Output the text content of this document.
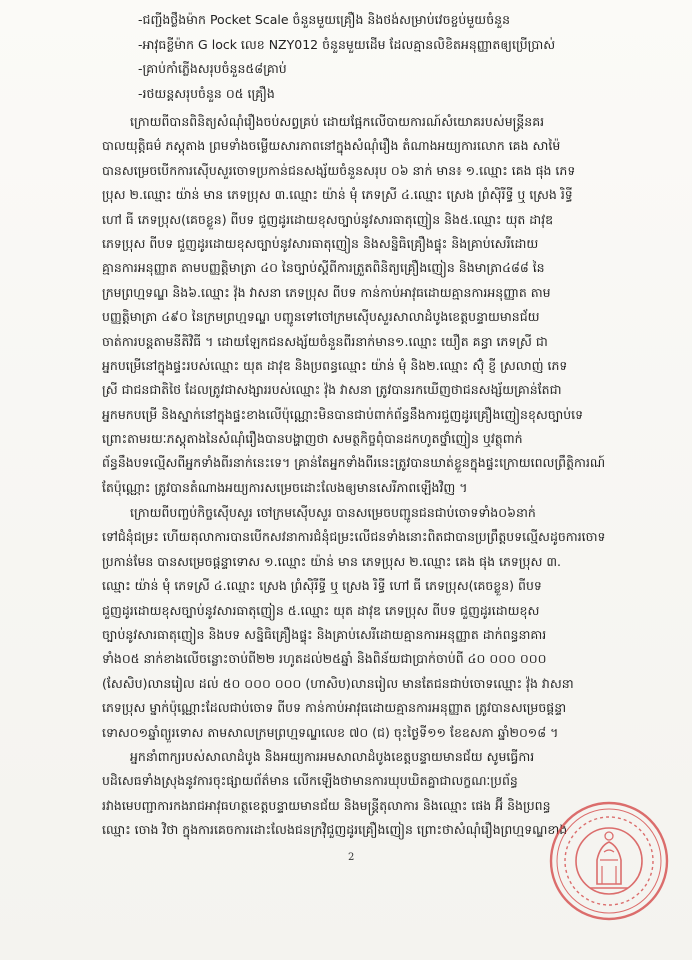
-ជញ្ជីងថ្លឹងម៉ាក Pocket Scale ចំនួនមួយគ្រឿង និងថង់សម្រាប់វេចខ្ចប់មួយចំនួន
-អាវុធខ្លីម៉ាក G lock លេខ NZY012 ចំនួនមួយដើម ដែលគ្មានលិខិតអនុញ្ញាតឲ្យប្រើប្រាស់
-គ្រាប់កាំភ្លើងសរុបចំនួន៥៨គ្រាប់
-រថយន្តសរុបចំនួន ០៥ គ្រឿង
ក្រោយពីបានពិនិត្យសំណុំរឿងចប់សព្វគ្រប់ ដោយផ្អែកលើបាយការណ៍សំយោគរបស់មន្ត្រីនគរ
បាលយុត្តិធម៌ ភស្តុតាង ព្រមទាំងចម្លើយសារភាពនៅក្នុងសំណុំរឿង តំណាងអយ្យការលោក គេង សាម៉ៃ
បានសម្រេចបើកការស៊ើបសួរចោទប្រកាន់ជនសង្ស័យចំនួនសរុប ០៦ នាក់ មាន៖ ១.ឈ្មោះ គេង ផុង ភេទ
ប្រុស ២.ឈ្មោះ យ៉ាន់ មាន ភេទប្រុស ៣.ឈ្មោះ យ៉ាន់ មុំ ភេទស្រី ៤.ឈ្មោះ ស្រេង ព្រំស៊ិរីទ្ធី ឬ ស្រេង រិទ្ធី
ហៅ ធី ភេទប្រុស(គេចខ្លួន) ពីបទ ជួញដូរដោយខុសច្បាប់នូវសារធាតុញៀន និង៥.ឈ្មោះ យុត ដាវុឌ
ភេទប្រុស ពីបទ ជួញដូរដោយខុសច្បាប់នូវសារធាតុញៀន និងសន្និធិគ្រឿងផ្ទុះ និងគ្រាប់សេរីដោយ
គ្មានការអនុញ្ញាត តាមបញ្ញត្តិមាត្រា ៤០ នៃច្បាប់ស្តីពីការត្រួតពិនិត្យគ្រឿងញៀន និងមាត្រា៤៨៨ នៃ
ក្រមព្រហ្មទណ្ឌ និង៦.ឈ្មោះ វ៉ុង វាសនា ភេទប្រុស ពីបទ កាន់កាប់អាវុធដោយគ្មានការអនុញ្ញាត តាម
បញ្ញត្តិមាត្រា ៤៩០ នៃក្រមព្រហ្មទណ្ឌ បញ្ជូនទៅចៅក្រមស៊ើបសួរសាលាដំបូងខេត្តបន្ទាយមានជ័យ
ចាត់ការបន្តតាមនីតិវិធី ។ ដោយឡែកជនសង្ស័យចំនួនពីរនាក់មាន១.ឈ្មោះ យឿត គន្ធា ភេទស្រី ជា
អ្នកបម្រើនៅក្នុងផ្ទះរបស់ឈ្មោះ យុត ដាវុឌ និងប្រពន្ធឈ្មោះ យ៉ាន់ មុំ និង២.ឈ្មោះ ស៊ុំ ខ្ញី ស្រលាញ់ ភេទ
ស្រី ជាជនជាតិថៃ ដែលត្រូវជាសង្សាររបស់ឈ្មោះ វ៉ុង វាសនា ត្រូវបានរកឃើញថាជនសង្ស័យគ្រាន់តែជា
អ្នកមកបម្រើ និងស្នាក់នៅក្នុងផ្ទះខាងលើប៉ុណ្ណោះមិនបានជាប់ពាក់ព័ន្ធនឹងការជួញដូរគ្រឿងញៀនខុសច្បាប់ទេ
ព្រោះតាមរយៈភស្តុតាងនៃសំណុំរឿងបានបង្ហាញថា សមត្ថកិច្ចពុំបានដកហូតថ្នាំញៀន ឬវត្ថុពាក់
ព័ន្ធនឹងបទល្មើសពីអ្នកទាំងពីរនាក់នេះទេ។ គ្រាន់តែអ្នកទាំងពីរនេះត្រូវបានឃាត់ខ្លួនក្នុងផ្ទះក្រោយពេលព្រឹត្តិការណ៍
តែប៉ុណ្ណោះ ត្រូវបានតំណាងអយ្យការសម្រេចដោះលែងឲ្យមានសេរីភាពឡើងវិញ ។
ក្រោយពីបញ្ចប់កិច្ចស៊ើបសួរ ចៅក្រមស៊ើបសួរ បានសម្រេចបញ្ជូនជនជាប់ចោទទាំង០៦នាក់
ទៅជំនុំជម្រះ ហើយតុលាការបានបើកសវនាការជំនុំជម្រះលើជនទាំងនោះពិតជាបានប្រព្រឹត្តបទល្មើសដូចការចោទ
ប្រកាន់មែន បានសម្រេចផ្តន្ទាទោស ១.ឈ្មោះ យ៉ាន់ មាន ភេទប្រុស ២.ឈ្មោះ គេង ផុង ភេទប្រុស ៣.
ឈ្មោះ យ៉ាន់ មុំ ភេទស្រី ៤.ឈ្មោះ ស្រេង ព្រំស៊ិរីទ្ធី ឬ ស្រេង រិទ្ធី ហៅ ធី ភេទប្រុស(គេចខ្លួន) ពីបទ
ជួញដូរដោយខុសច្បាប់នូវសារធាតុញៀន ៥.ឈ្មោះ យុត ដាវុឌ ភេទប្រុស ពីបទ ជួញដូរដោយខុស
ច្បាប់នូវសារធាតុញៀន និងបទ សន្និធិគ្រឿងផ្ទុះ និងគ្រាប់សេរីដោយគ្មានការអនុញ្ញាត ដាក់ពន្ធនាគារ
ទាំង០៥ នាក់ខាងលើចន្លោះចាប់ពី២២ រហូតដល់២៥ឆ្នាំ និងពិន័យជាប្រាក់ចាប់ពី ៤០ ០០០ ០០០
(សែសិប)លានរៀល ដល់ ៥០ ០០០ ០០០ (ហាសិប)លានរៀល មានតែជនជាប់ចោទឈ្មោះ វ៉ុង វាសនា
ភេទប្រុស ម្នាក់ប៉ុណ្ណោះដែលជាប់ចោទ ពីបទ កាន់កាប់អាវុធដោយគ្មានការអនុញ្ញាត ត្រូវបានសម្រេចផ្តន្ទា
ទោស០១ឆ្នាំព្យួរទោស តាមសាលក្រមព្រហ្មទណ្ឌលេខ ៧០ (ជ) ចុះថ្ងៃទី១១ ខែឧសភា ឆ្នាំ២០១៨ ។
អ្នកនាំពាក្យរបស់សាលាដំបូង និងអយ្យការអមសាលាដំបូងខេត្តបន្ទាយមានជ័យ សូមធ្វើការ
បដិសេធទាំងស្រុងនូវការចុះផ្សាយព័ត៌មាន លើកឡើងថាមានការឃុបឃិតគ្នាជាលក្ខណៈប្រព័ន្ធ
រវាងមេបញ្ជាការកងរាជអាវុធហត្ថខេត្តបន្ទាយមានជ័យ និងមន្ត្រីតុលាការ និងឈ្មោះ ផេង អ៊ី និងប្រពន្ធ
ឈ្មោះ ចោង វិថា ក្នុងការគេចការដោះលែងជនក្រវ៉ិជួញដូរគ្រឿងញៀន ព្រោះថាសំណុំរឿងព្រហ្មទណ្ឌខាង
2
